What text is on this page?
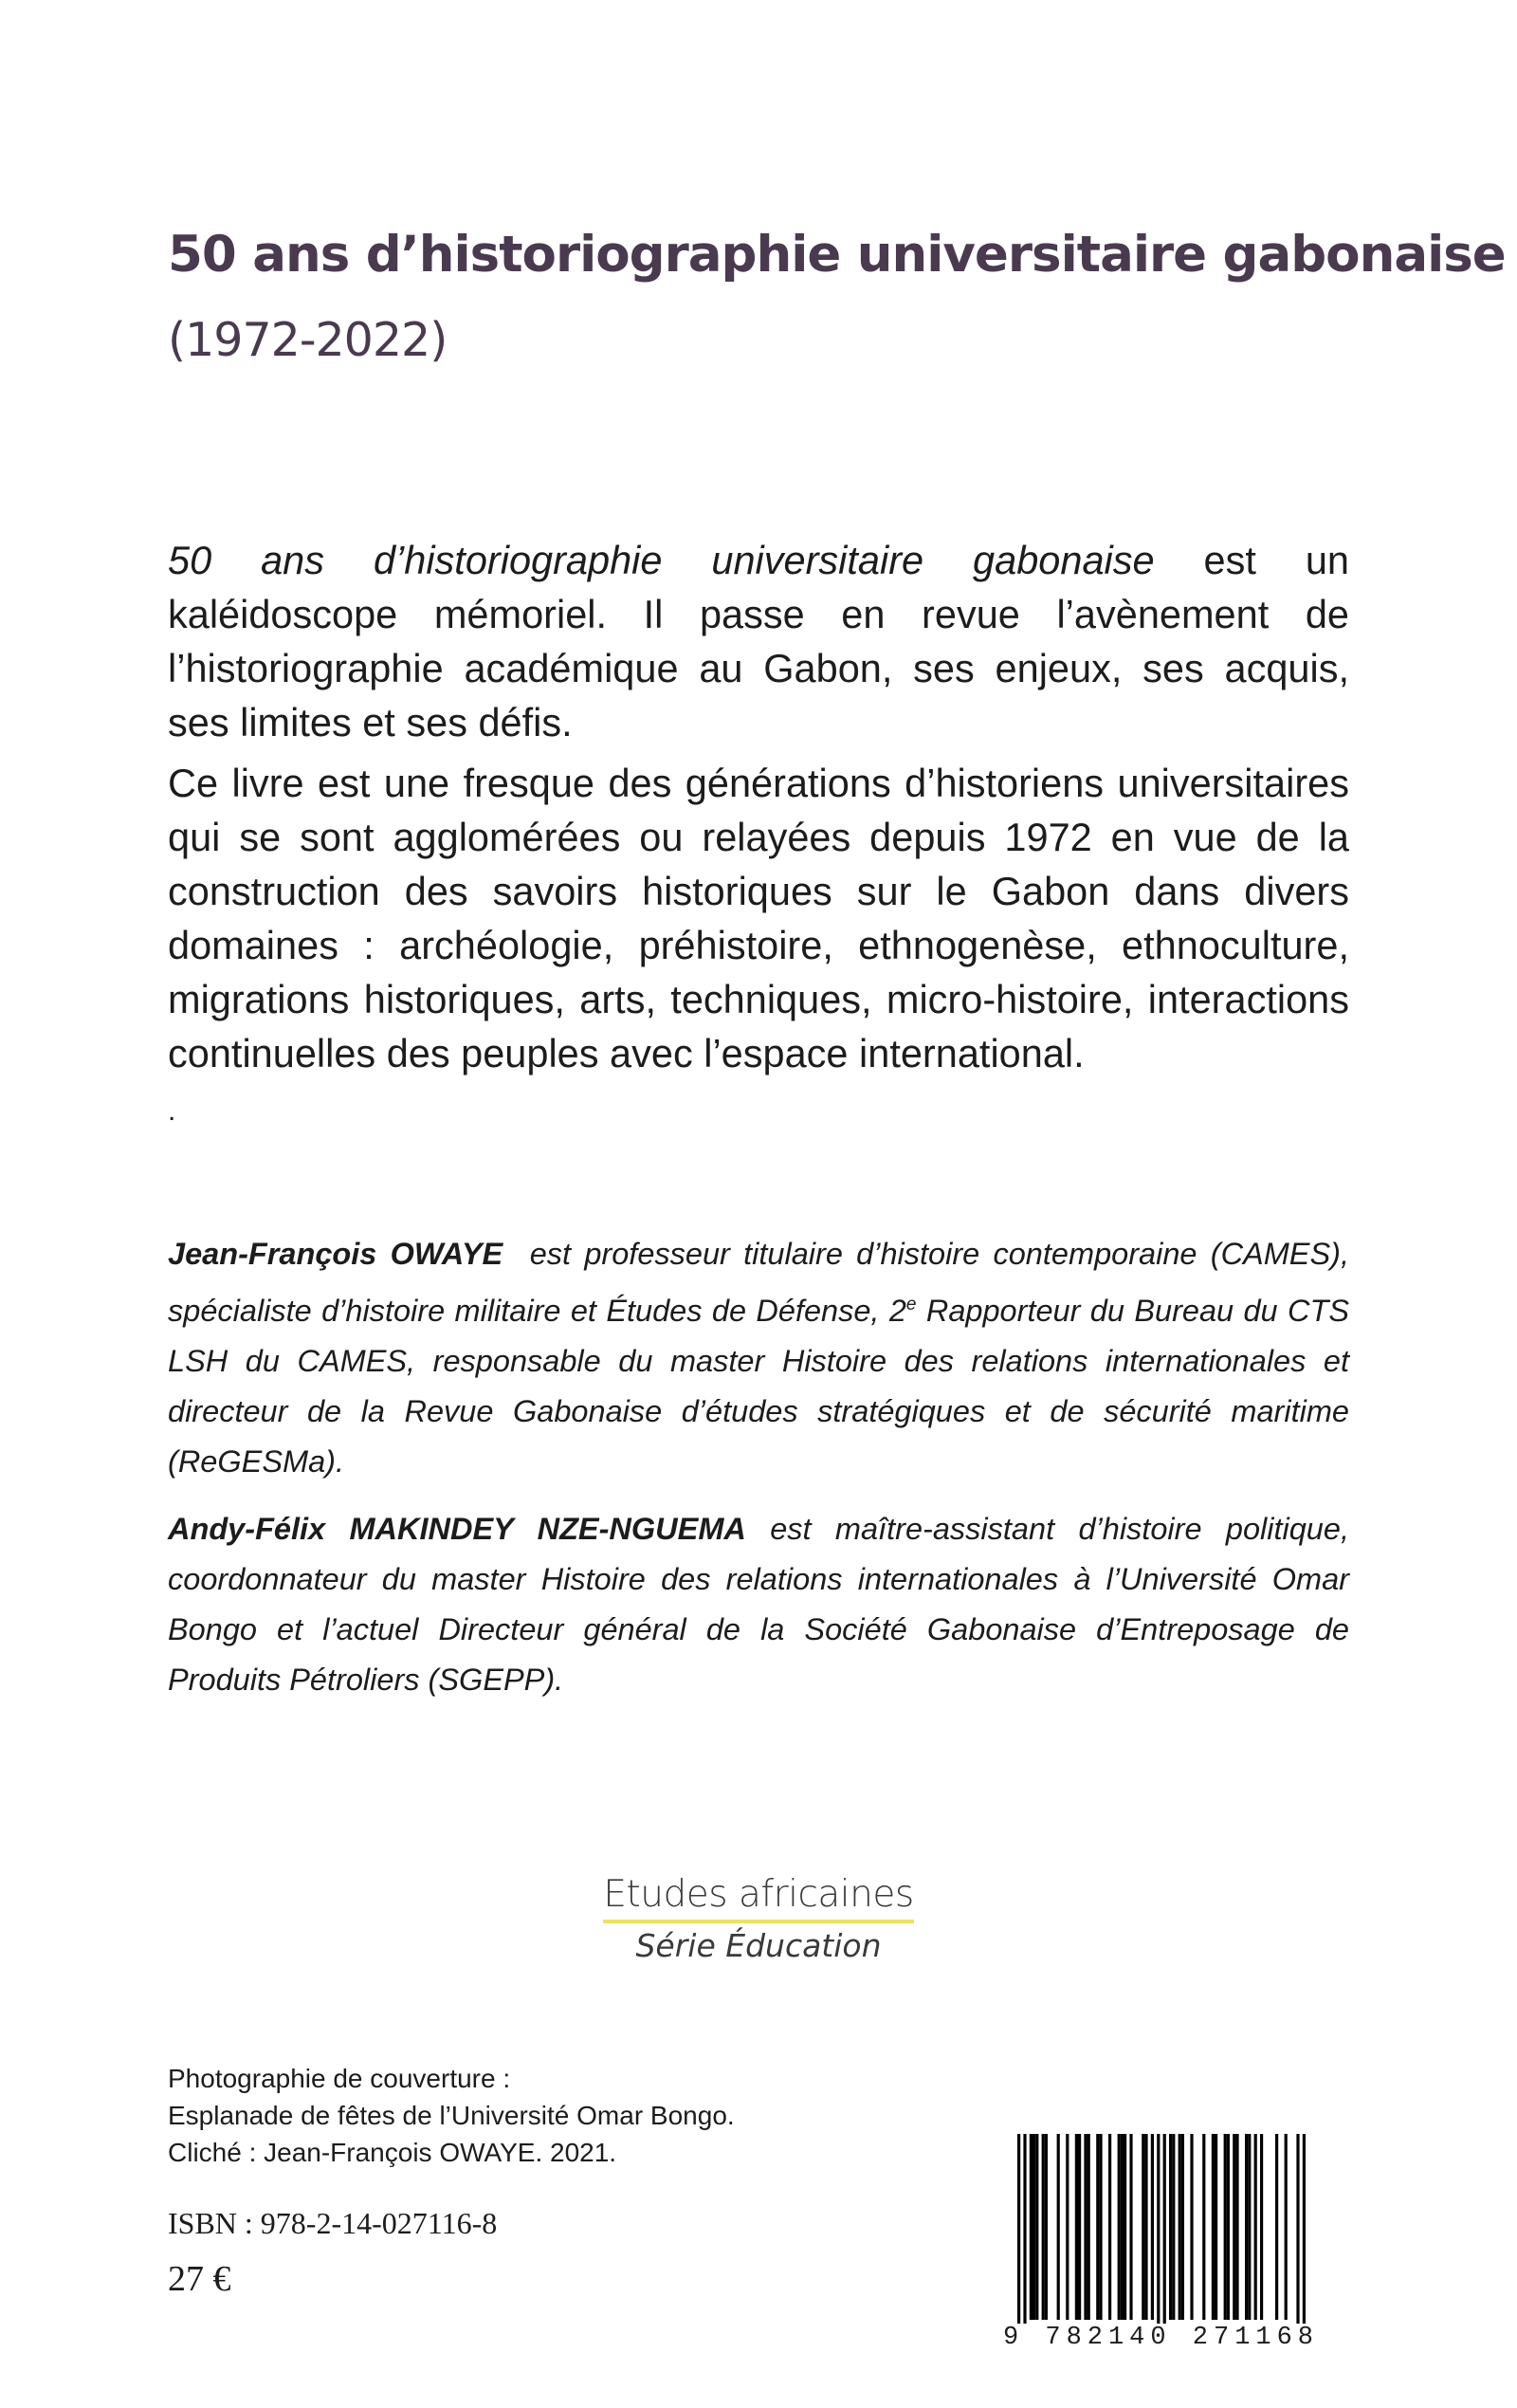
50 ans d’historiographie universitaire gabonaise
(1972-2022)

50 ans d’historiographie universitaire gabonaise est un kaléidoscope mémoriel. Il passe en revue l’avènement de l’historiographie académique au Gabon, ses enjeux, ses acquis, ses limites et ses défis.

Ce livre est une fresque des générations d’historiens universitaires qui se sont agglomérées ou relayées depuis 1972 en vue de la construction des savoirs historiques sur le Gabon dans divers domaines : archéologie, préhistoire, ethnogenèse, ethnoculture, migrations historiques, arts, techniques, micro-histoire, interactions continuelles des peuples avec l’espace international.

.

Jean-François OWAYE  est professeur titulaire d’histoire contemporaine (CAMES), spécialiste d’histoire militaire et Études de Défense, 2e Rapporteur du Bureau du CTS LSH du CAMES, responsable du master Histoire des relations internationales et directeur de la Revue Gabonaise d’études stratégiques et de sécurité maritime (ReGESMa).

Andy-Félix MAKINDEY NZE-NGUEMA est maître-assistant d’histoire politique, coordonnateur du master Histoire des relations internationales à l’Université Omar Bongo et l’actuel Directeur général de la Société Gabonaise d’Entreposage de Produits Pétroliers (SGEPP).

Etudes africaines
Série Éducation
Photographie de couverture :
Esplanade de fêtes de l’Université Omar Bongo.
Cliché : Jean-François OWAYE. 2021.
ISBN : 978-2-14-027116-8
27 €
9 782140 271168
